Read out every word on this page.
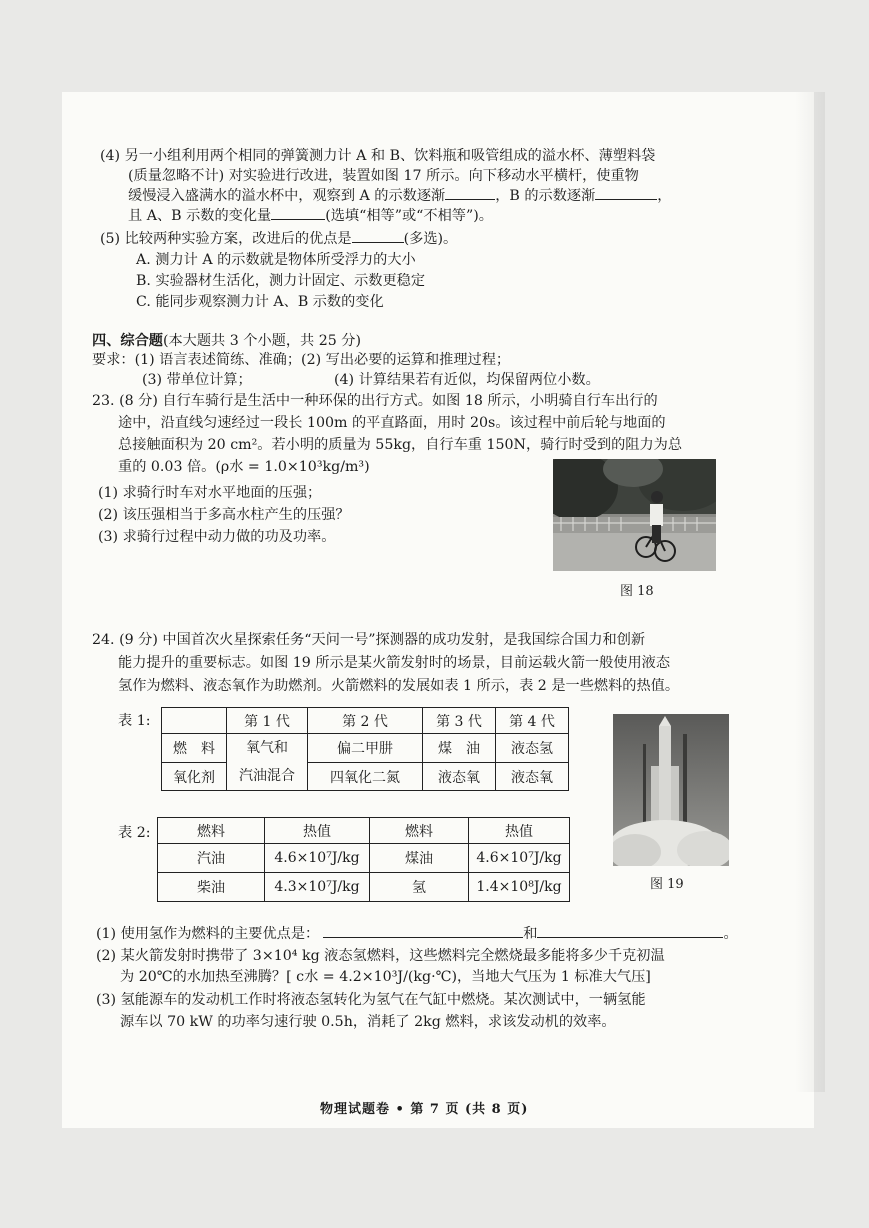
(4) 另一小组利用两个相同的弹簧测力计 A 和 B、饮料瓶和吸管组成的溢水杯、薄塑料袋
(质量忽略不计) 对实验进行改进，装置如图 17 所示。向下移动水平横杆，使重物
缓慢浸入盛满水的溢水杯中，观察到 A 的示数逐渐	，B 的示数逐渐	，
且 A、B 示数的变化量	(选填“相等”或“不相等”)。
(5) 比较两种实验方案，改进后的优点是	(多选)。
A. 测力计 A 的示数就是物体所受浮力的大小
B. 实验器材生活化，测力计固定、示数更稳定
C. 能同步观察测力计 A、B 示数的变化
四、综合题(本大题共 3 个小题，共 25 分)
要求：(1) 语言表述简练、准确；(2) 写出必要的运算和推理过程；
(3) 带单位计算；	(4) 计算结果若有近似，均保留两位小数。
23. (8 分) 自行车骑行是生活中一种环保的出行方式。如图 18 所示，小明骑自行车出行的
途中，沿直线匀速经过一段长 100m 的平直路面，用时 20s。该过程中前后轮与地面的
总接触面积为 20 cm²。若小明的质量为 55kg，自行车重 150N，骑行时受到的阻力为总
重的 0.03 倍。(ρ水 = 1.0×10³kg/m³)
(1) 求骑行时车对水平地面的压强；
(2) 该压强相当于多高水柱产生的压强？
(3) 求骑行过程中动力做的功及功率。
图 18
24. (9 分) 中国首次火星探索任务“天问一号”探测器的成功发射，是我国综合国力和创新
能力提升的重要标志。如图 19 所示是某火箭发射时的场景，目前运载火箭一般使用液态
氢作为燃料、液态氧作为助燃剂。火箭燃料的发展如表 1 所示，表 2 是一些燃料的热值。
表 1:
		第 1 代	第 2 代	第 3 代	第 4 代
燃　料	氧气和
汽油混合	偏二甲肼	煤　油	液态氢
氧化剂		四氧化二氮	液态氧	液态氧
表 2:	燃料	热值	燃料	热值
汽油	4.6×10⁷J/kg	煤油	4.6×10⁷J/kg
柴油	4.3×10⁷J/kg	氢	1.4×10⁸J/kg	图 19
(1) 使用氢作为燃料的主要优点是：	和	。
(2) 某火箭发射时携带了 3×10⁴ kg 液态氢燃料，这些燃料完全燃烧最多能将多少千克初温
为 20℃的水加热至沸腾？[ c水 = 4.2×10³J/(kg·℃)，当地大气压为 1 标准大气压]
(3) 氢能源车的发动机工作时将液态氢转化为氢气在气缸中燃烧。某次测试中，一辆氢能
源车以 70 kW 的功率匀速行驶 0.5h，消耗了 2kg 燃料，求该发动机的效率。
物理试题卷 • 第 7 页 (共 8 页)
